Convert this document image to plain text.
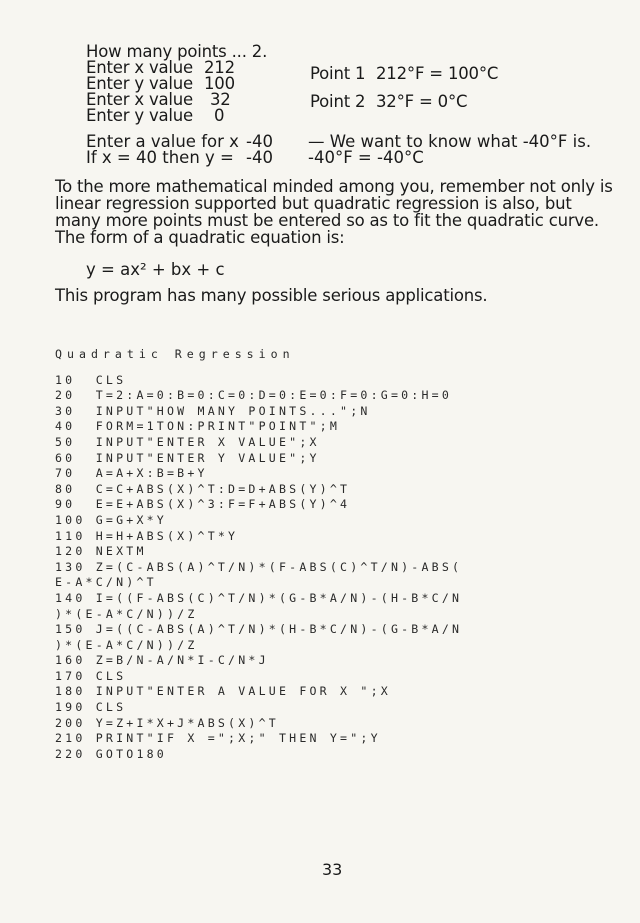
How many points ... 2.
Enter x value 212
Enter y value 100
Enter x value	32
Enter y value	0
Point 1 212°F = 100°C
Point 2 32°F = 0°C
Enter a value for x -40
If x = 40 then y = -40
— We want to know what -40°F is.
-40°F = -40°C
To the more mathematical minded among you, remember not only is linear regression supported but quadratic regression is also, but many more points must be entered so as to fit the quadratic curve. The form of a quadratic equation is:
y = ax² + bx + c
This program has many possible serious applications.
Quadratic Regression
10  CLS
20  T=2:A=0:B=0:C=0:D=0:E=0:F=0:G=0:H=0
30  INPUT"HOW MANY POINTS...";N
40  FORM=1TON:PRINT"POINT";M
50  INPUT"ENTER X VALUE";X
60  INPUT"ENTER Y VALUE";Y
70  A=A+X:B=B+Y
80  C=C+ABS(X)^T:D=D+ABS(Y)^T
90  E=E+ABS(X)^3:F=F+ABS(Y)^4
100 G=G+X*Y
110 H=H+ABS(X)^T*Y
120 NEXTM
130 Z=(C-ABS(A)^T/N)*(F-ABS(C)^T/N)-ABS(
E-A*C/N)^T
140 I=((F-ABS(C)^T/N)*(G-B*A/N)-(H-B*C/N
)*(E-A*C/N))/Z
150 J=((C-ABS(A)^T/N)*(H-B*C/N)-(G-B*A/N
)*(E-A*C/N))/Z
160 Z=B/N-A/N*I-C/N*J
170 CLS
180 INPUT"ENTER A VALUE FOR X ";X
190 CLS
200 Y=Z+I*X+J*ABS(X)^T
210 PRINT"IF X =";X;" THEN Y=";Y
220 GOTO180
33
